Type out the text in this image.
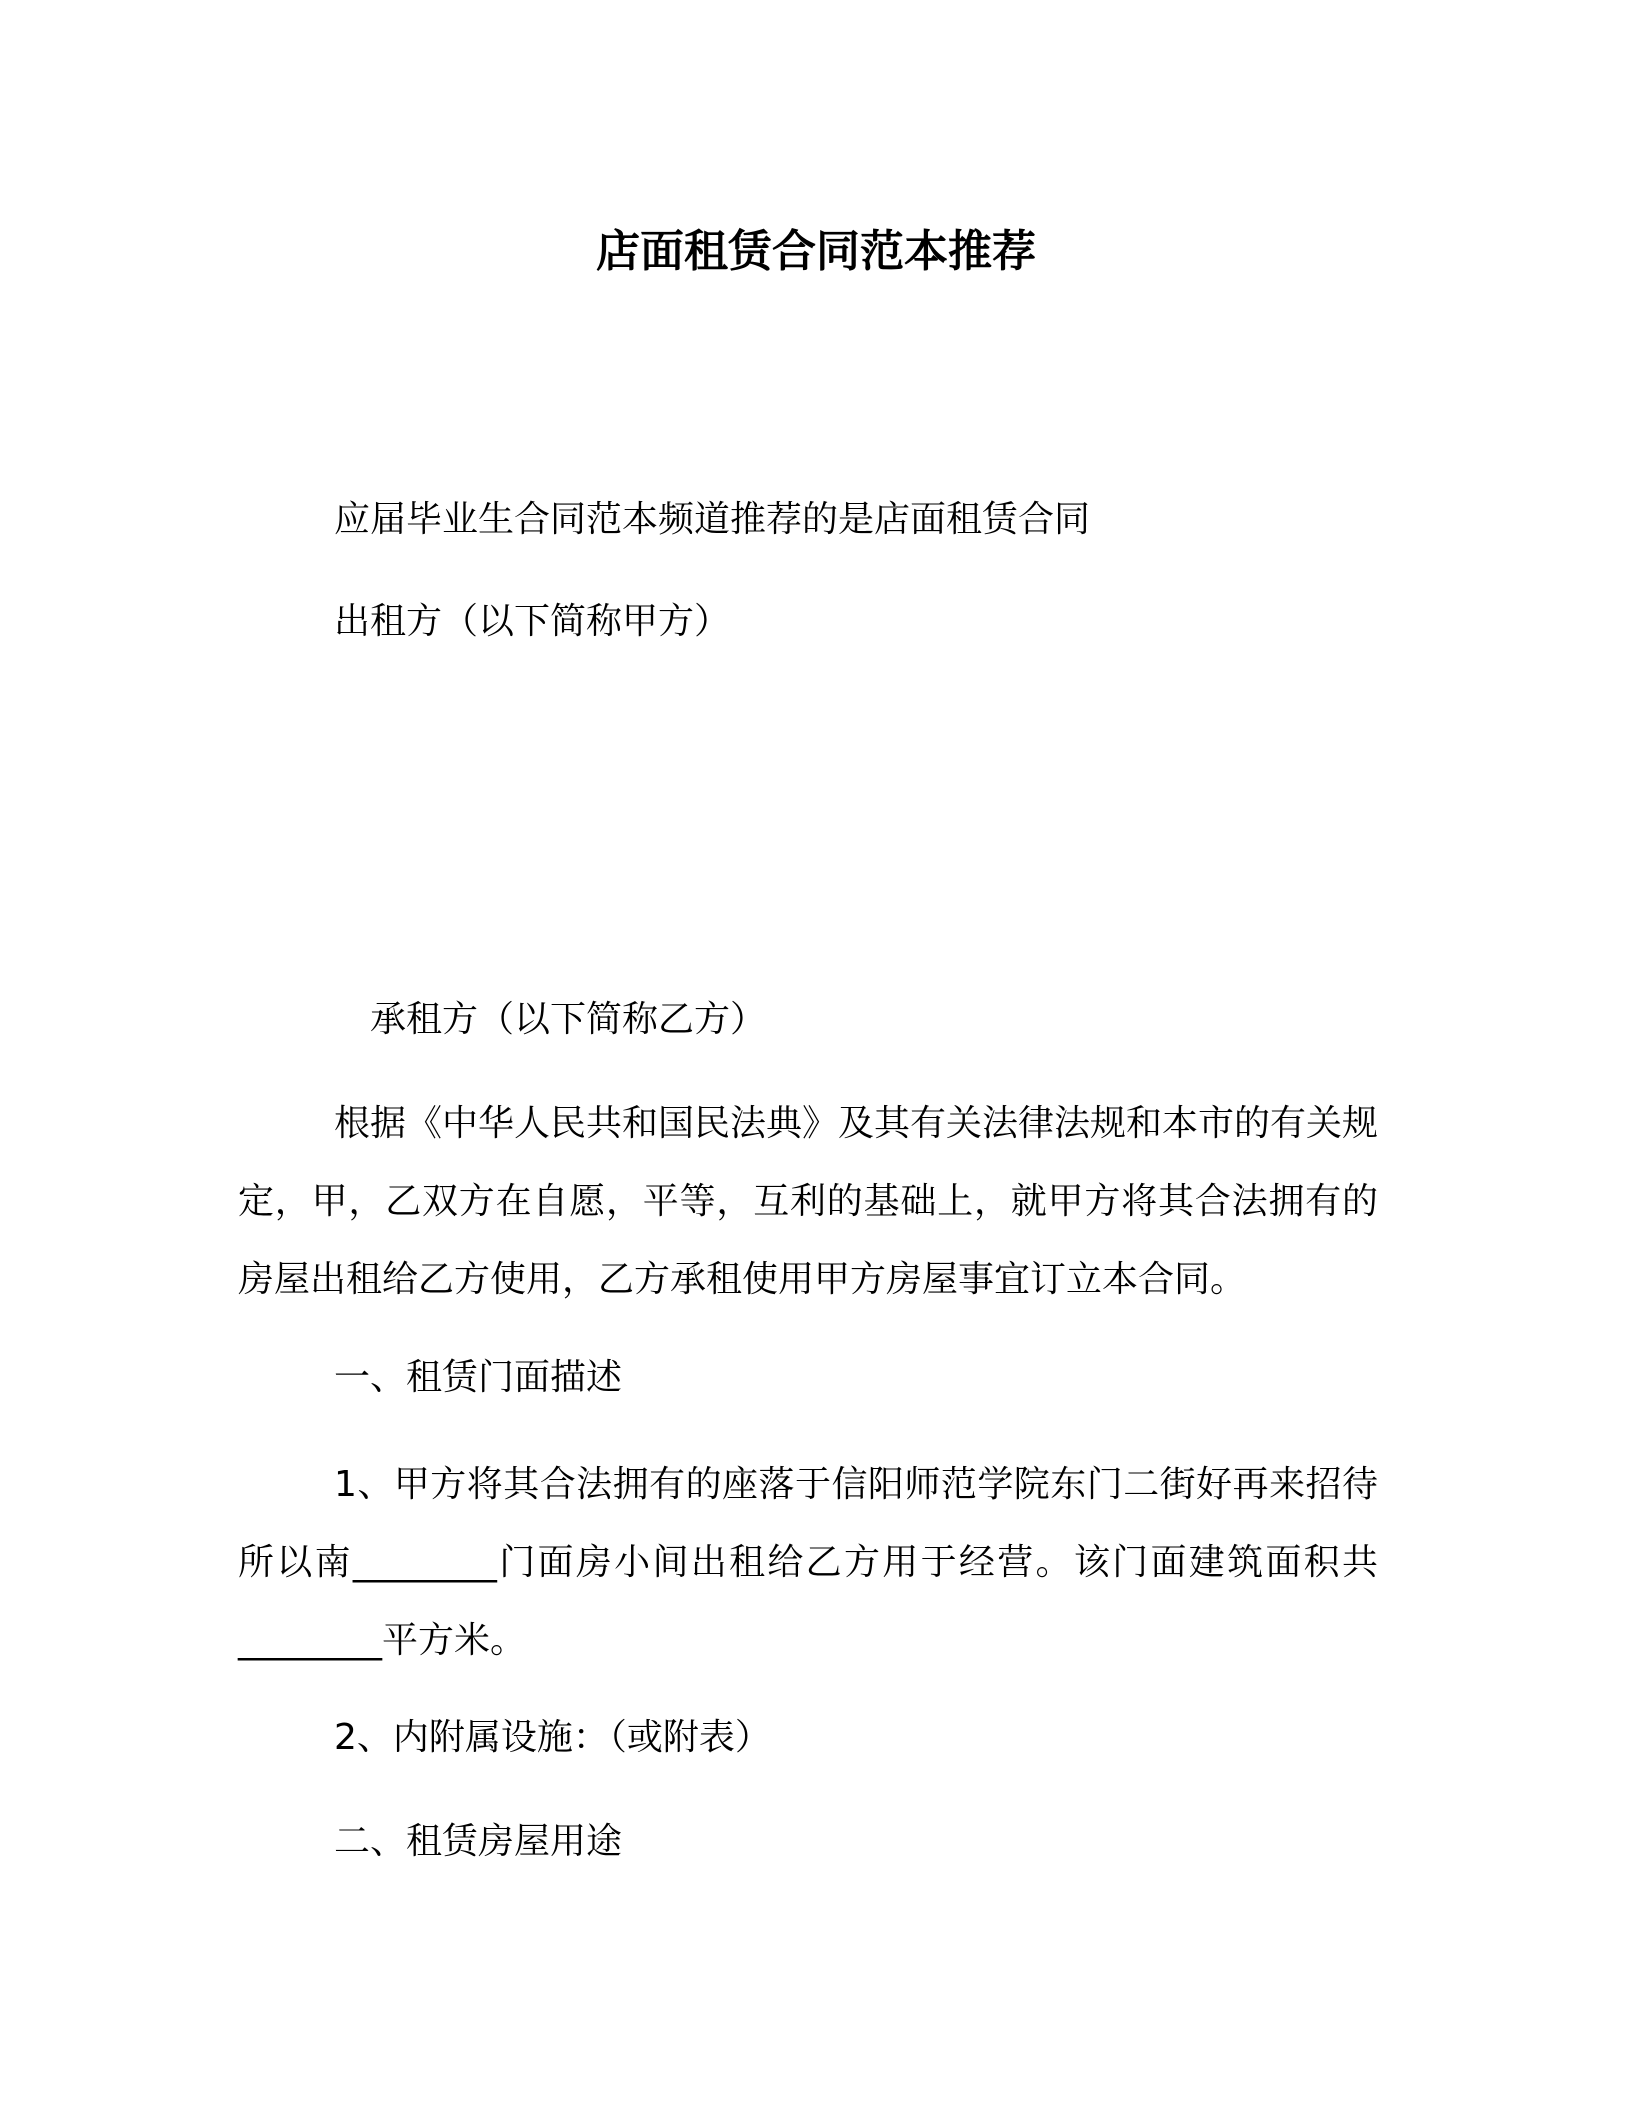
店面租赁合同范本推荐
应届毕业生合同范本频道推荐的是店面租赁合同
出租方（以下简称甲方）
承租方（以下简称乙方）

根据《中华人民共和国民法典》及其有关法律法规和本市的有关规定，甲，乙双方在自愿，平等，互利的基础上，就甲方将其合法拥有的房屋出租给乙方使用，乙方承租使用甲方房屋事宜订立本合同。

一、租赁门面描述

1、甲方将其合法拥有的座落于信阳师范学院东门二街好再来招待所以南________门面房小间出租给乙方用于经营。该门面建筑面积共________平方米。

2、内附属设施：（或附表）
二、租赁房屋用途
